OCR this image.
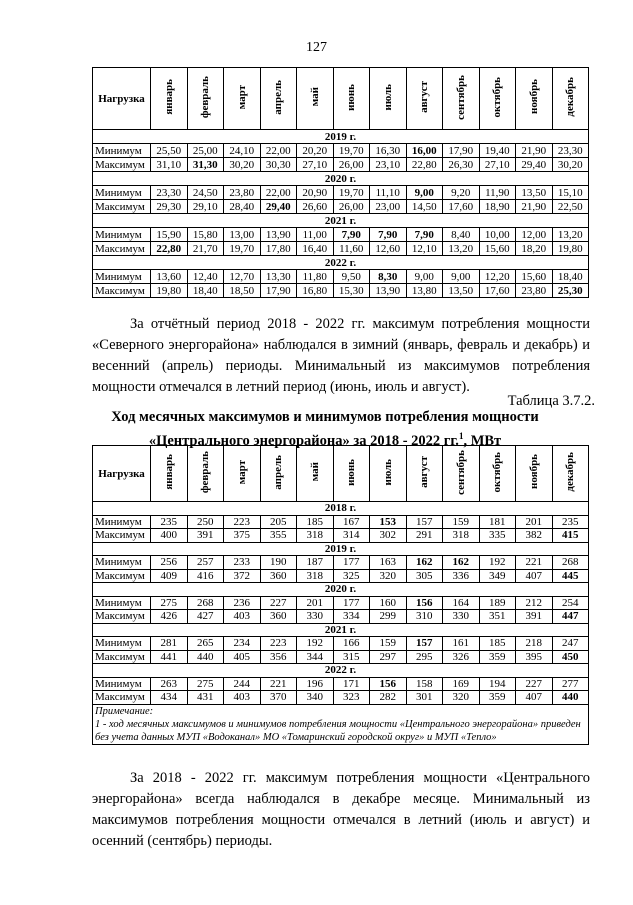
127
Нагрузка	январь	февраль	март	апрель	май	июнь	июль	август	сентябрь	октябрь	ноябрь	декабрь
2019 г.												
Минимум	25,50	25,00	24,10	22,00	20,20	19,70	16,30	16,00	17,90	19,40	21,90	23,30
Максимум	31,10	31,30	30,20	30,30	27,10	26,00	23,10	22,80	26,30	27,10	29,40	30,20
2020 г.												
Минимум	23,30	24,50	23,80	22,00	20,90	19,70	11,10	9,00	9,20	11,90	13,50	15,10
Максимум	29,30	29,10	28,40	29,40	26,60	26,00	23,00	14,50	17,60	18,90	21,90	22,50
2021 г.												
Минимум	15,90	15,80	13,00	13,90	11,00	7,90	7,90	7,90	8,40	10,00	12,00	13,20
Максимум	22,80	21,70	19,70	17,80	16,40	11,60	12,60	12,10	13,20	15,60	18,20	19,80
2022 г.												
Минимум	13,60	12,40	12,70	13,30	11,80	9,50	8,30	9,00	9,00	12,20	15,60	18,40
Максимум	19,80	18,40	18,50	17,90	16,80	15,30	13,90	13,80	13,50	17,60	23,80	25,30
За отчётный период 2018 - 2022 гг. максимум потребления мощности «Северного энергорайона» наблюдался в зимний (январь, февраль и декабрь) и весенний (апрель) периоды. Минимальный из максимумов потребления мощности отмечался в летний период (июнь, июль и август).
Таблица 3.7.2.
Ход месячных максимумов и минимумов потребления мощности
«Центрального энергорайона» за 2018 - 2022 гг.$^1$, МВт
Нагрузка	январь	февраль	март	апрель	май	июнь	июль	август	сентябрь	октябрь	ноябрь	декабрь
2018 г.												
Минимум	235	250	223	205	185	167	153	157	159	181	201	235
Максимум	400	391	375	355	318	314	302	291	318	335	382	415
2019 г.												
Минимум	256	257	233	190	187	177	163	162	162	192	221	268
Максимум	409	416	372	360	318	325	320	305	336	349	407	445
2020 г.												
Минимум	275	268	236	227	201	177	160	156	164	189	212	254
Максимум	426	427	403	360	330	334	299	310	330	351	391	447
2021 г.												
Минимум	281	265	234	223	192	166	159	157	161	185	218	247
Максимум	441	440	405	356	344	315	297	295	326	359	395	450
2022 г.												
Минимум	263	275	244	221	196	171	156	158	169	194	227	277
Максимум	434	431	403	370	340	323	282	301	320	359	407	440

Примечание:
1 - ход месячных максимумов и минимумов потребления мощности «Центрального энергорайона» приведен без учета данных МУП «Водоканал» МО «Томаринский городской округ» и МУП «Тепло»												
За 2018 - 2022 гг. максимум потребления мощности «Центрального энергорайона» всегда наблюдался в декабре месяце. Минимальный из максимумов потребления мощности отмечался в летний (июль и август) и осенний (сентябрь) периоды.
